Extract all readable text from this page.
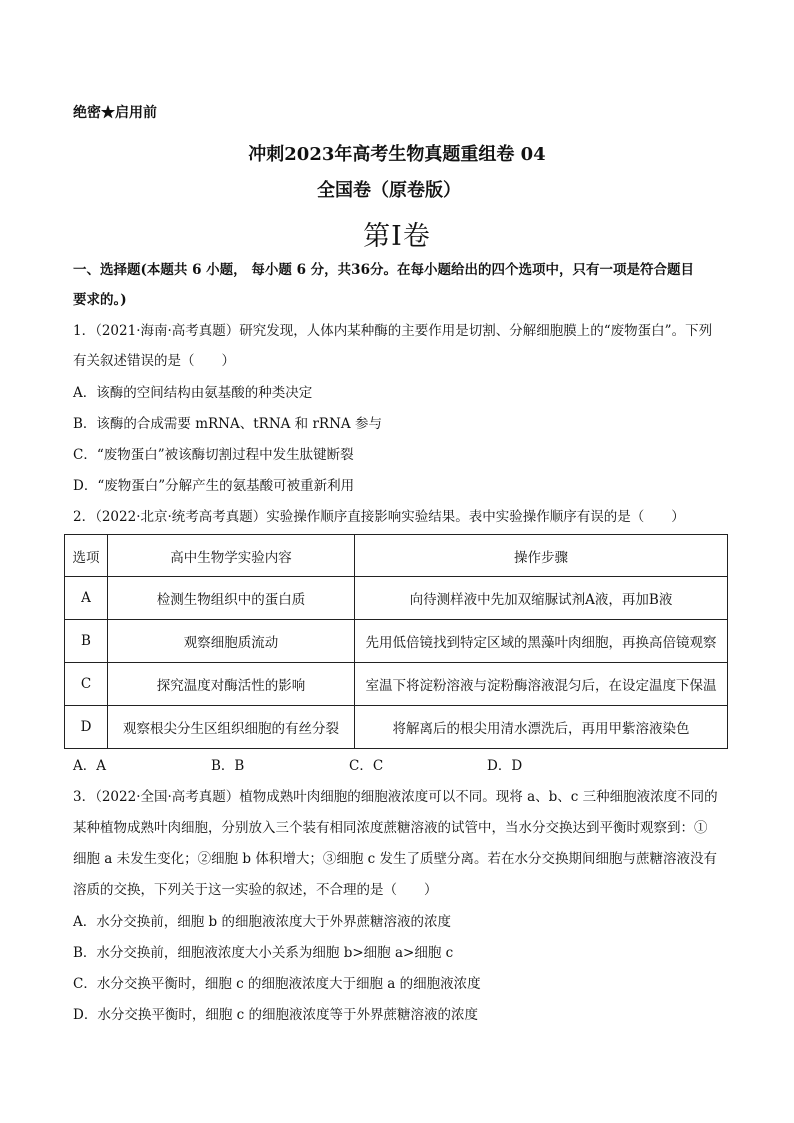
绝密★启用前
冲刺2023年高考生物真题重组卷 04
全国卷（原卷版）
第I卷
一、选择题(本题共 6 小题， 每小题 6 分，共36分。在每小题给出的四个选项中，只有一项是符合题目
要求的。)
1．（2021·海南·高考真题）研究发现，人体内某种酶的主要作用是切割、分解细胞膜上的“废物蛋白”。下列
有关叙述错误的是（　　）
A．该酶的空间结构由氨基酸的种类决定
B．该酶的合成需要 mRNA、tRNA 和 rRNA 参与
C．“废物蛋白”被该酶切割过程中发生肽键断裂
D．“废物蛋白”分解产生的氨基酸可被重新利用
2．（2022·北京·统考高考真题）实验操作顺序直接影响实验结果。表中实验操作顺序有误的是（　　）
选项	高中生物学实验内容	操作步骤
A	检测生物组织中的蛋白质	向待测样液中先加双缩脲试剂A液，再加B液
B	观察细胞质流动	先用低倍镜找到特定区域的黑藻叶肉细胞，再换高倍镜观察
C	探究温度对酶活性的影响	室温下将淀粉溶液与淀粉酶溶液混匀后，在设定温度下保温
D	观察根尖分生区组织细胞的有丝分裂	将解离后的根尖用清水漂洗后，再用甲紫溶液染色
A．A	B．B	C．C	D．D
3．（2022·全国·高考真题）植物成熟叶肉细胞的细胞液浓度可以不同。现将 a、b、c 三种细胞液浓度不同的
某种植物成熟叶肉细胞，分别放入三个装有相同浓度蔗糖溶液的试管中，当水分交换达到平衡时观察到：①
细胞 a 未发生变化；②细胞 b 体积增大；③细胞 c 发生了质壁分离。若在水分交换期间细胞与蔗糖溶液没有
溶质的交换，下列关于这一实验的叙述，不合理的是（　　）
A．水分交换前，细胞 b 的细胞液浓度大于外界蔗糖溶液的浓度
B．水分交换前，细胞液浓度大小关系为细胞 b>细胞 a>细胞 c
C．水分交换平衡时，细胞 c 的细胞液浓度大于细胞 a 的细胞液浓度
D．水分交换平衡时，细胞 c 的细胞液浓度等于外界蔗糖溶液的浓度
